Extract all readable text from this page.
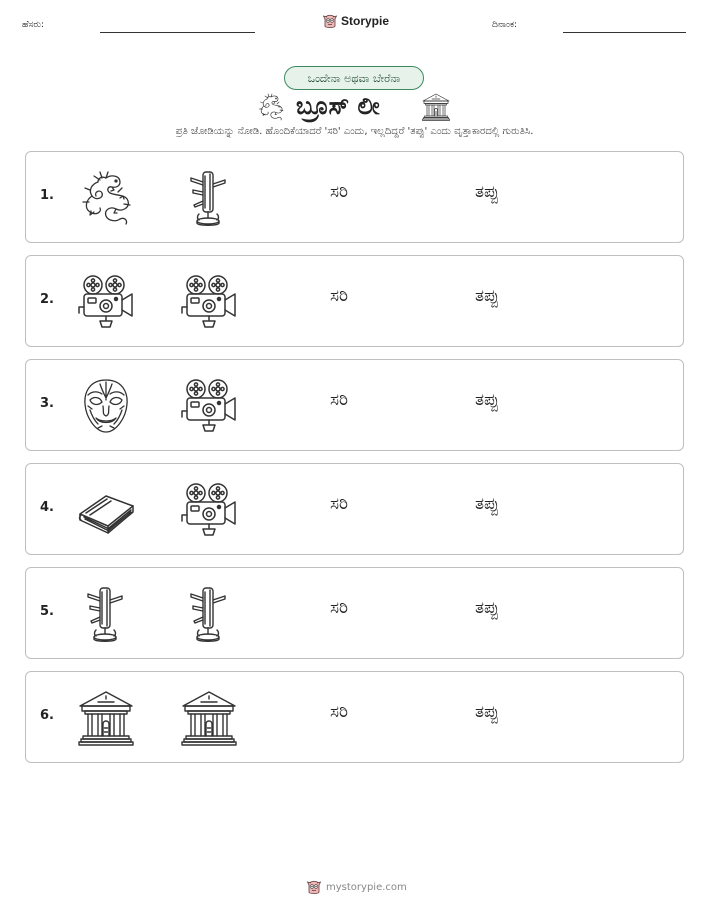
ಹೆಸರು:	Storypie	ದಿನಾಂಕ:
ಒಂದೇನಾ ಅಥವಾ ಬೇರೆನಾ
ಬ್ರೂಸ್ ಲೀ
ಪ್ರತಿ ಜೋಡಿಯನ್ನು ನೋಡಿ. ಹೊಂದಿಕೆಯಾದರೆ 'ಸರಿ' ಎಂದು, ಇಲ್ಲದಿದ್ದರೆ 'ತಪ್ಪು' ಎಂದು ವೃತ್ತಾಕಾರದಲ್ಲಿ ಗುರುತಿಸಿ.
1.	ಸರಿ	ತಪ್ಪು
2.	ಸರಿ	ತಪ್ಪು
3.	ಸರಿ	ತಪ್ಪು
4.	ಸರಿ	ತಪ್ಪು
5.	ಸರಿ	ತಪ್ಪು
6.	ಸರಿ	ತಪ್ಪು
mystorypie.com
